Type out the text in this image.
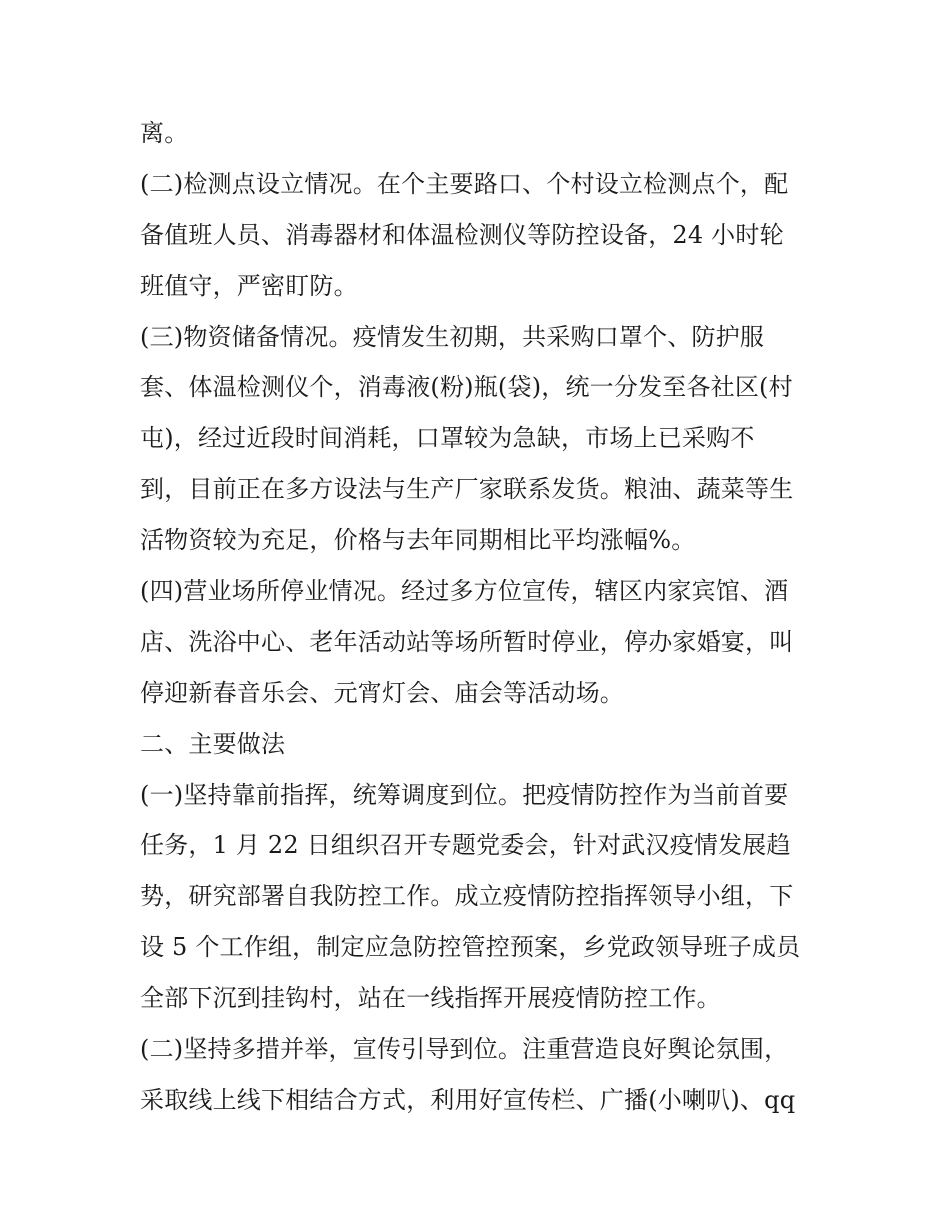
离。
(二)检测点设立情况。在个主要路口、个村设立检测点个，配
备值班人员、消毒器材和体温检测仪等防控设备，24 小时轮
班值守，严密盯防。
(三)物资储备情况。疫情发生初期，共采购口罩个、防护服
套、体温检测仪个，消毒液(粉)瓶(袋)，统一分发至各社区(村
屯)，经过近段时间消耗，口罩较为急缺，市场上已采购不
到，目前正在多方设法与生产厂家联系发货。粮油、蔬菜等生
活物资较为充足，价格与去年同期相比平均涨幅%。
(四)营业场所停业情况。经过多方位宣传，辖区内家宾馆、酒
店、洗浴中心、老年活动站等场所暂时停业，停办家婚宴，叫
停迎新春音乐会、元宵灯会、庙会等活动场。
二、主要做法
(一)坚持靠前指挥，统筹调度到位。把疫情防控作为当前首要
任务，1 月 22 日组织召开专题党委会，针对武汉疫情发展趋
势，研究部署自我防控工作。成立疫情防控指挥领导小组，下
设 5 个工作组，制定应急防控管控预案，乡党政领导班子成员
全部下沉到挂钩村，站在一线指挥开展疫情防控工作。
(二)坚持多措并举，宣传引导到位。注重营造良好舆论氛围，
采取线上线下相结合方式，利用好宣传栏、广播(小喇叭)、qq
